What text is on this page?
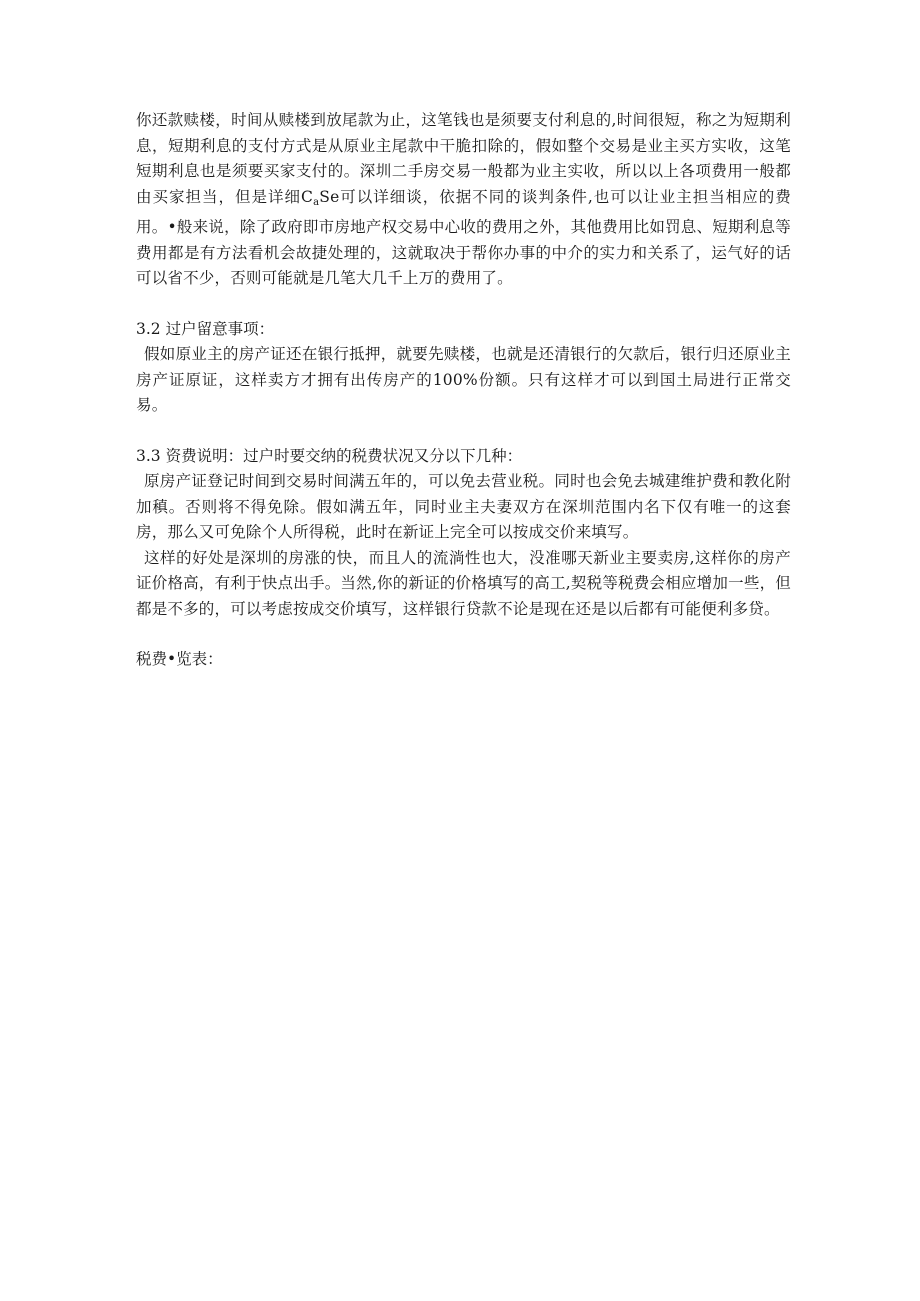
你还款赎楼，时间从赎楼到放尾款为止，这笔钱也是须要支付利息的,时间很短，称之为短期利息，短期利息的支付方式是从原业主尾款中干脆扣除的，假如整个交易是业主买方实收，这笔短期利息也是须要买家支付的。深圳二手房交易一般都为业主实收，所以以上各项费用一般都由买家担当，但是详细$C_aSe$可以详细谈，依据不同的谈判条件,也可以让业主担当相应的费用。•般来说，除了政府即市房地产权交易中心收的费用之外，其他费用比如罚息、短期利息等费用都是有方法看机会故捷处理的，这就取决于帮你办事的中介的实力和关系了，运气好的话可以省不少，否则可能就是几笔大几千上万的费用了。

3.2 过户留意事项：

假如原业主的房产证还在银行抵押，就要先赎楼，也就是还清银行的欠款后，银行归还原业主房产证原证，这样卖方才拥有出传房产的100%份额。只有这样才可以到国土局进行正常交易。

3.3 资费说明：过户时要交纳的税费状况又分以下几种：

原房产证登记时间到交易时间满五年的，可以免去营业税。同时也会免去城建维护费和教化附加稹。否则将不得免除。假如满五年，同时业主夫妻双方在深圳范围内名下仅有唯一的这套房，那么又可免除个人所得税，此时在新证上完全可以按成交价来填写。

这样的好处是深圳的房涨的快，而且人的流淌性也大，没准哪天新业主要卖房,这样你的房产证价格高，有利于快点出手。当然,你的新证的价格填写的高工,契税等税费会相应增加一些，但都是不多的，可以考虑按成交价填写，这样银行贷款不论是现在还是以后都有可能便利多贷。

税费•览表：
